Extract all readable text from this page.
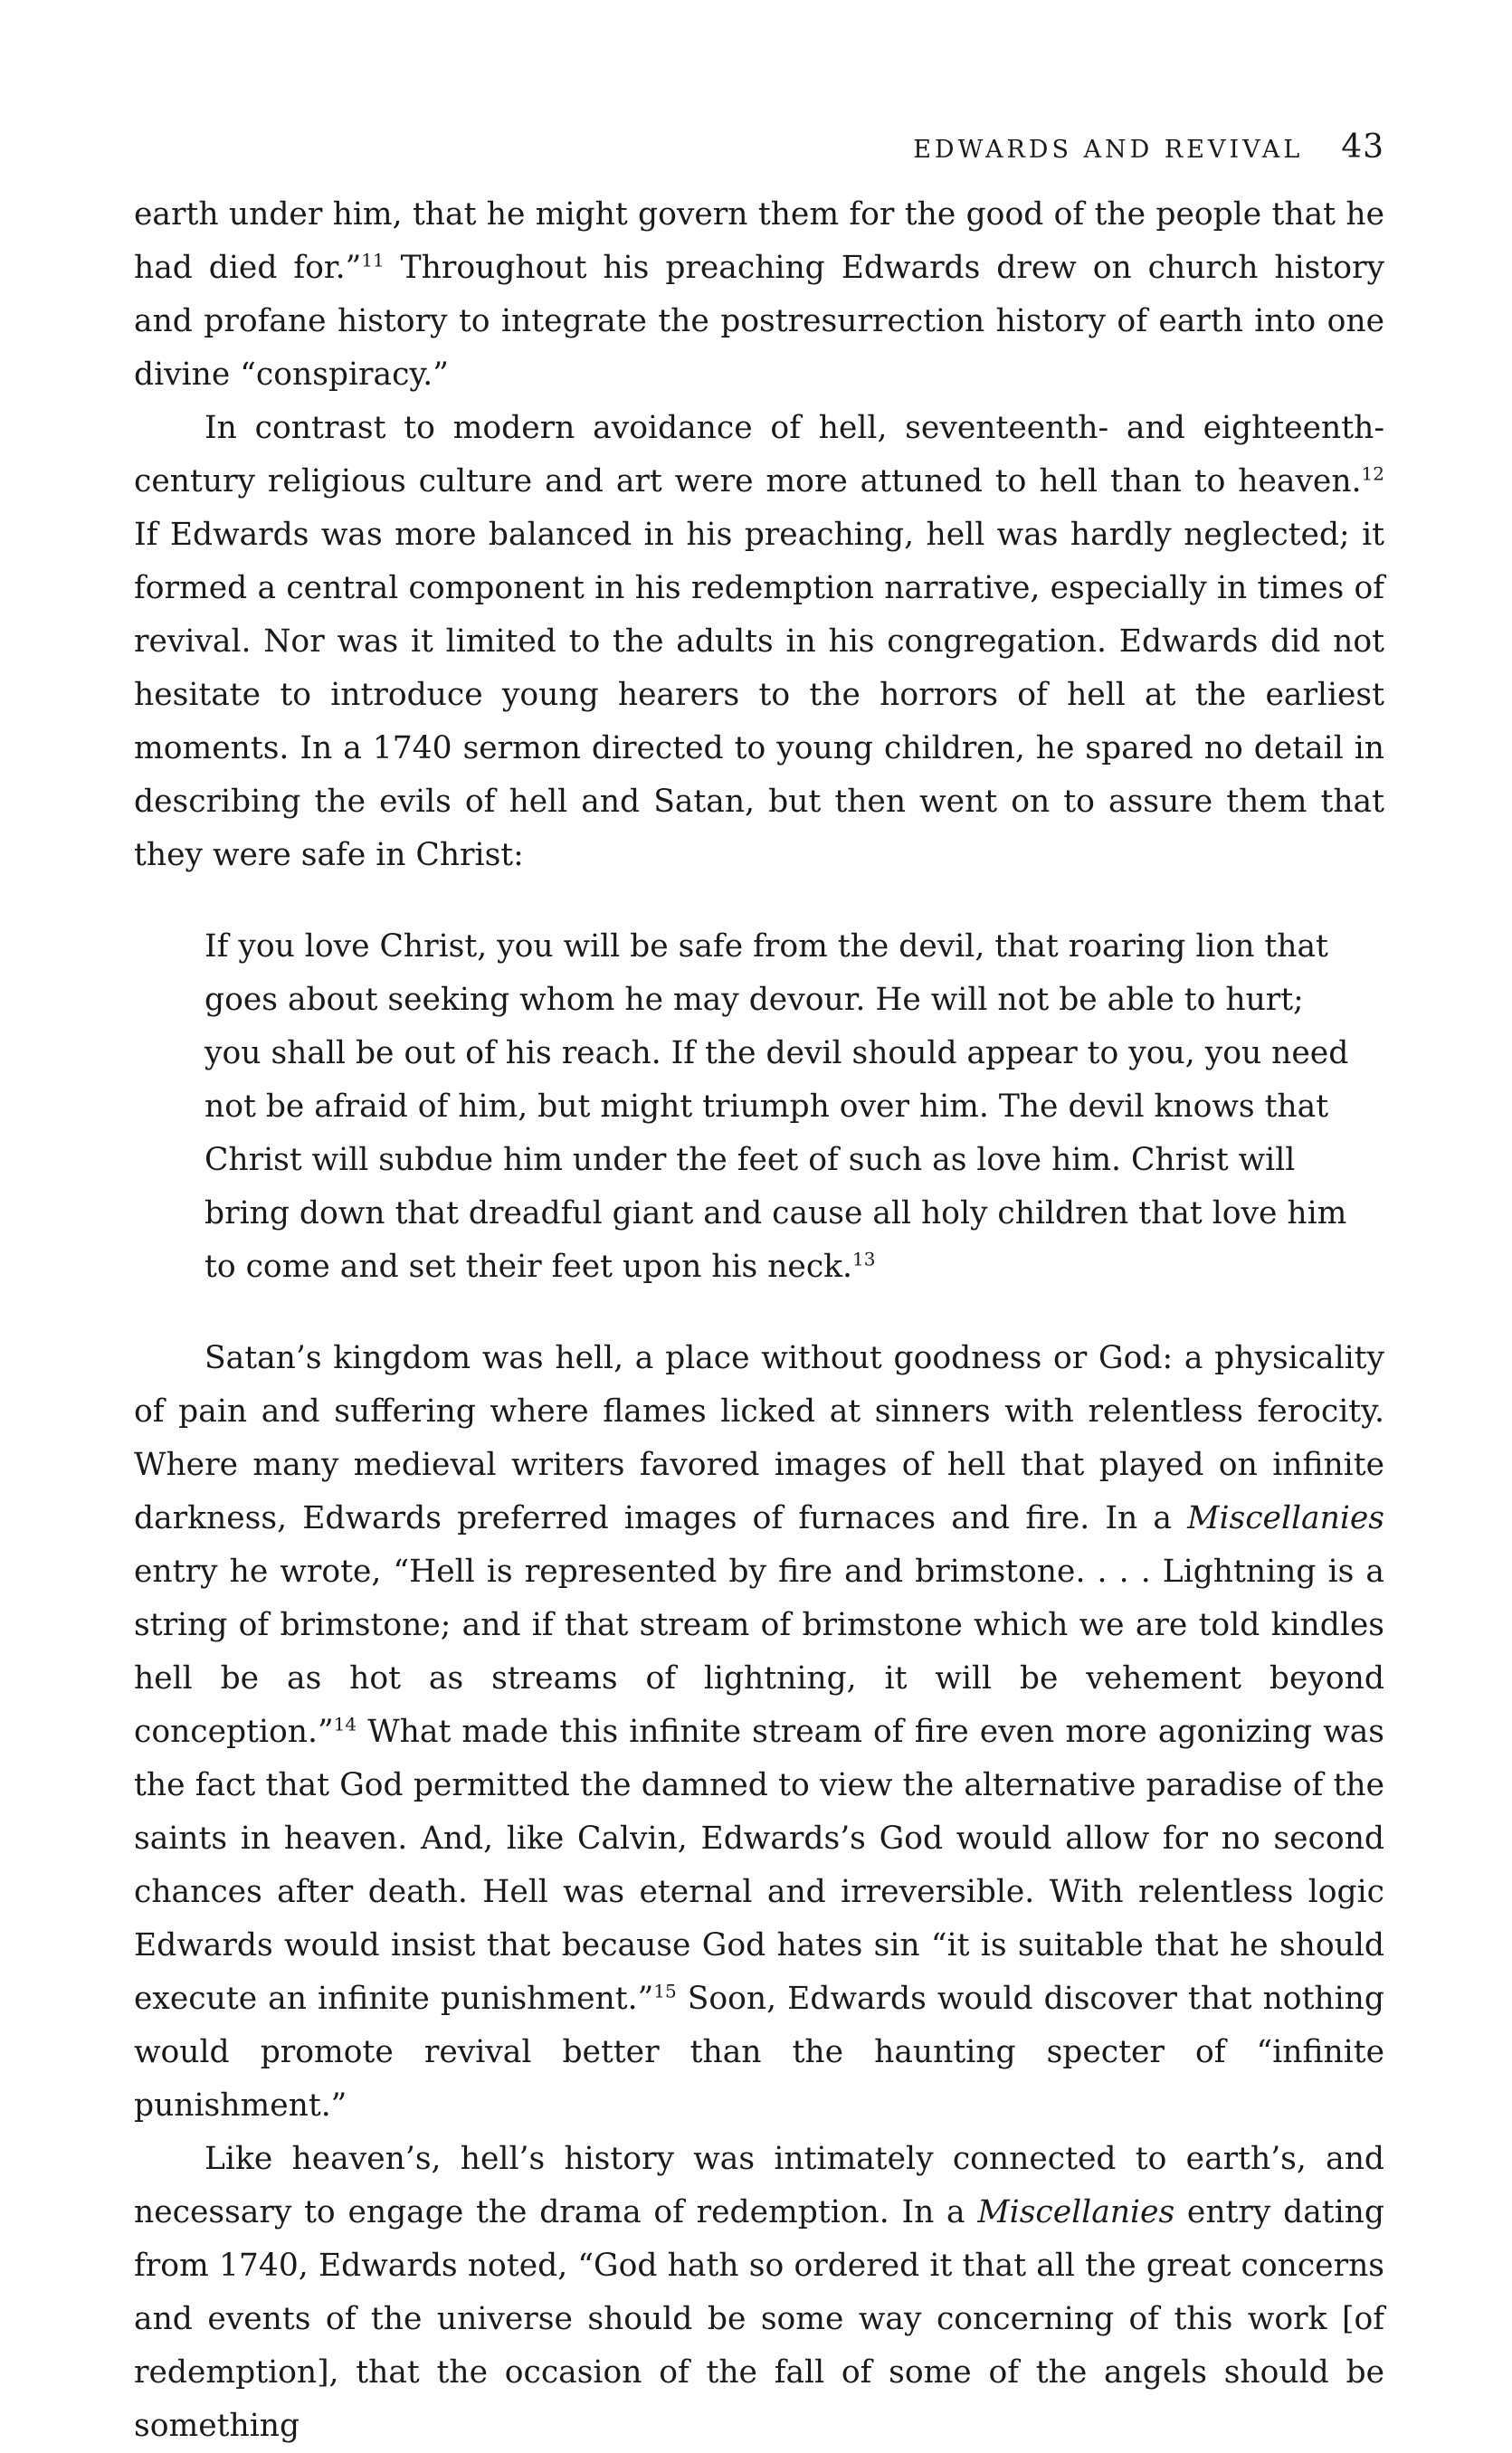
EDWARDS AND REVIVAL 43

earth under him, that he might govern them for the good of the people that he had died for.”$^{11}$ Throughout his preaching Edwards drew on church history and profane history to integrate the postresurrection history of earth into one divine “conspiracy.”

In contrast to modern avoidance of hell, seventeenth- and eighteenth-century religious culture and art were more attuned to hell than to heaven.$^{12}$ If Edwards was more balanced in his preaching, hell was hardly neglected; it formed a central component in his redemption narrative, especially in times of revival. Nor was it limited to the adults in his congregation. Edwards did not hesitate to introduce young hearers to the horrors of hell at the earliest moments. In a 1740 sermon directed to young children, he spared no detail in describing the evils of hell and Satan, but then went on to assure them that they were safe in Christ:

If you love Christ, you will be safe from the devil, that roaring lion that goes about seeking whom he may devour. He will not be able to hurt; you shall be out of his reach. If the devil should appear to you, you need not be afraid of him, but might triumph over him. The devil knows that Christ will subdue him under the feet of such as love him. Christ will bring down that dreadful giant and cause all holy children that love him to come and set their feet upon his neck.$^{13}$

Satan’s kingdom was hell, a place without goodness or God: a physicality of pain and suffering where flames licked at sinners with relentless ferocity. Where many medieval writers favored images of hell that played on infinite darkness, Edwards preferred images of furnaces and fire. In a Miscellanies entry he wrote, “Hell is represented by fire and brimstone. . . . Lightning is a string of brimstone; and if that stream of brimstone which we are told kindles hell be as hot as streams of lightning, it will be vehement beyond conception.”$^{14}$ What made this infinite stream of fire even more agonizing was the fact that God permitted the damned to view the alternative paradise of the saints in heaven. And, like Calvin, Edwards’s God would allow for no second chances after death. Hell was eternal and irreversible. With relentless logic Edwards would insist that because God hates sin “it is suitable that he should execute an infinite punishment.”$^{15}$ Soon, Edwards would discover that nothing would promote revival better than the haunting specter of “infinite punishment.”

Like heaven’s, hell’s history was intimately connected to earth’s, and necessary to engage the drama of redemption. In a Miscellanies entry dating from 1740, Edwards noted, “God hath so ordered it that all the great concerns and events of the universe should be some way concerning of this work [of redemption], that the occasion of the fall of some of the angels should be something
